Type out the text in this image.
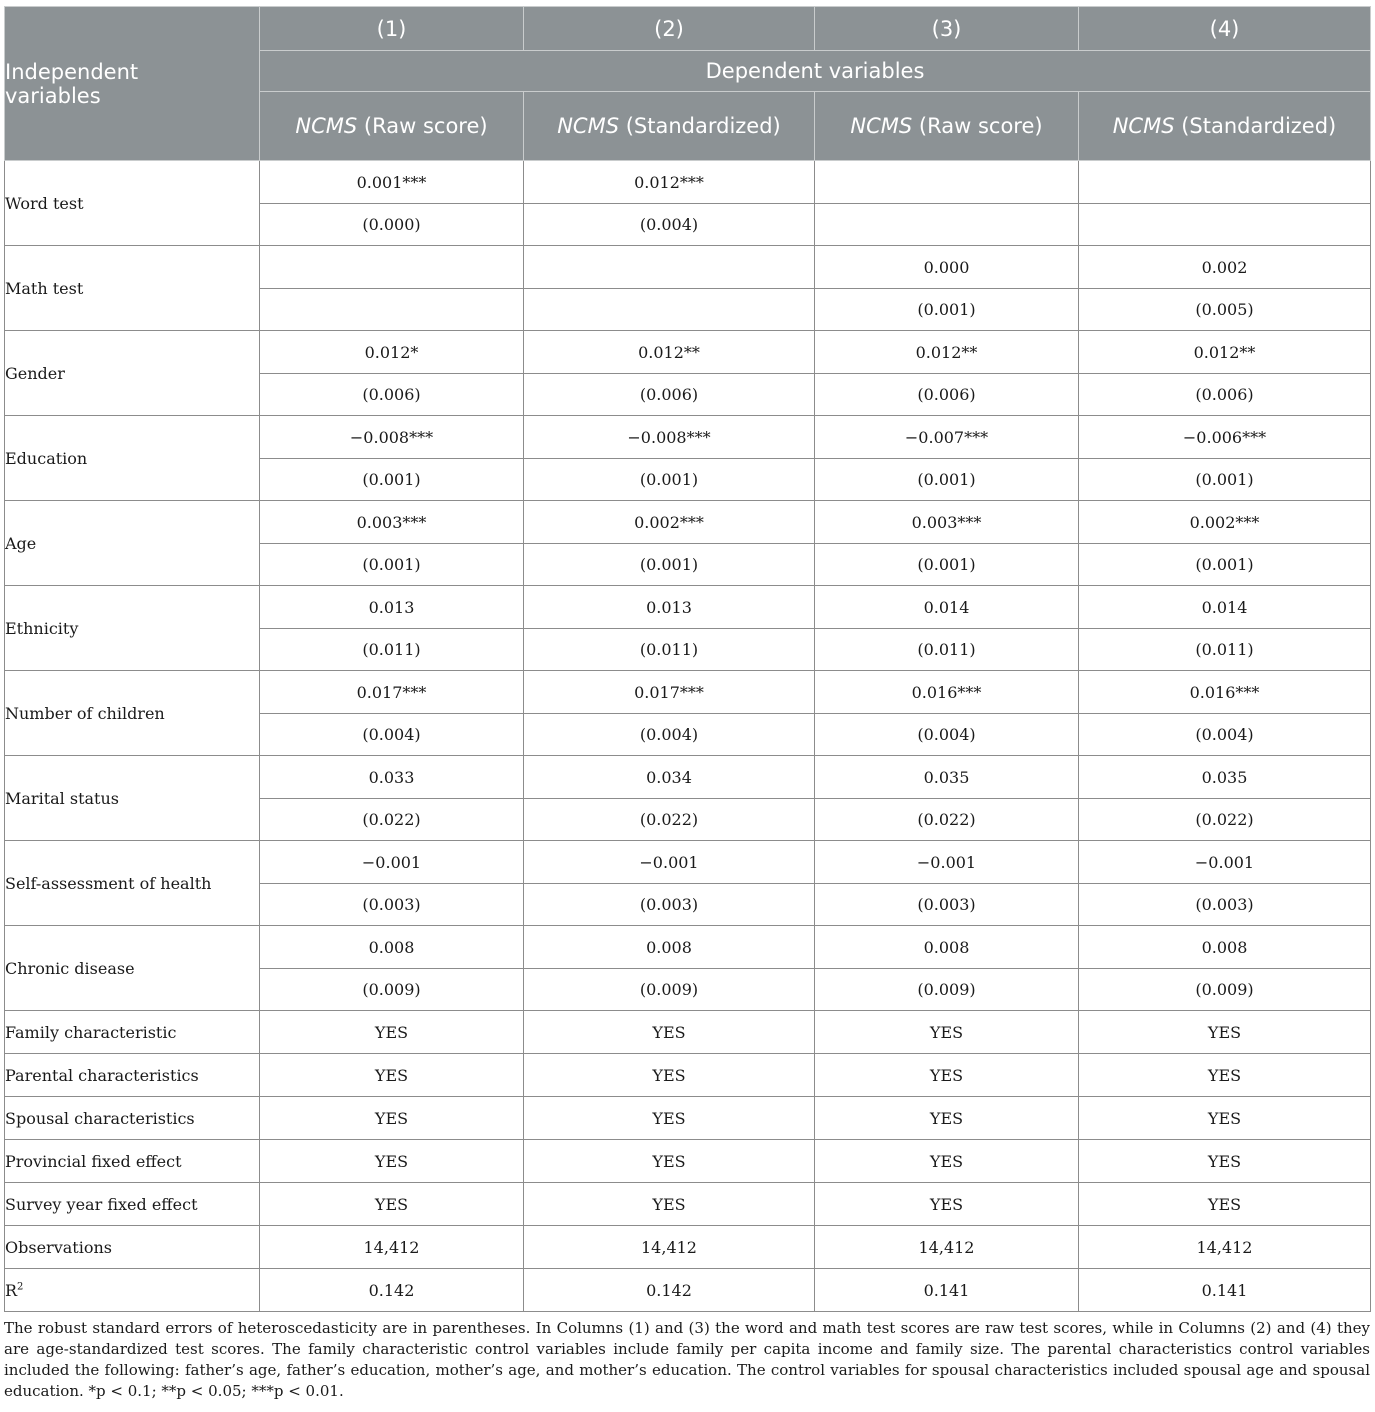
Independent
variables	(1)	(2)	(3)	(4)
	Dependent variables			
	NCMS (Raw score)	NCMS (Standardized)	NCMS (Raw score)	NCMS (Standardized)
Word test	0.001***	0.012***		
	(0.000)	(0.004)		
Math test			0.000	0.002
			(0.001)	(0.005)
Gender	0.012*	0.012**	0.012**	0.012**
	(0.006)	(0.006)	(0.006)	(0.006)
Education	−0.008***	−0.008***	−0.007***	−0.006***
	(0.001)	(0.001)	(0.001)	(0.001)
Age	0.003***	0.002***	0.003***	0.002***
	(0.001)	(0.001)	(0.001)	(0.001)
Ethnicity	0.013	0.013	0.014	0.014
	(0.011)	(0.011)	(0.011)	(0.011)
Number of children	0.017***	0.017***	0.016***	0.016***
	(0.004)	(0.004)	(0.004)	(0.004)
Marital status	0.033	0.034	0.035	0.035
	(0.022)	(0.022)	(0.022)	(0.022)
Self-assessment of health	−0.001	−0.001	−0.001	−0.001
	(0.003)	(0.003)	(0.003)	(0.003)
Chronic disease	0.008	0.008	0.008	0.008
	(0.009)	(0.009)	(0.009)	(0.009)
Family characteristic	YES	YES	YES	YES
Parental characteristics	YES	YES	YES	YES
Spousal characteristics	YES	YES	YES	YES
Provincial fixed effect	YES	YES	YES	YES
Survey year fixed effect	YES	YES	YES	YES
Observations	14,412	14,412	14,412	14,412
$R^2$	0.142	0.142	0.141	0.141
The robust standard errors of heteroscedasticity are in parentheses. In Columns (1) and (3) the word and math test scores are raw test scores, while in Columns (2) and (4) they are age-standardized test scores. The family characteristic control variables include family per capita income and family size. The parental characteristics control variables included the following: father’s age, father’s education, mother’s age, and mother’s education. The control variables for spousal characteristics included spousal age and spousal education. *p < 0.1; **p < 0.05; ***p < 0.01.
